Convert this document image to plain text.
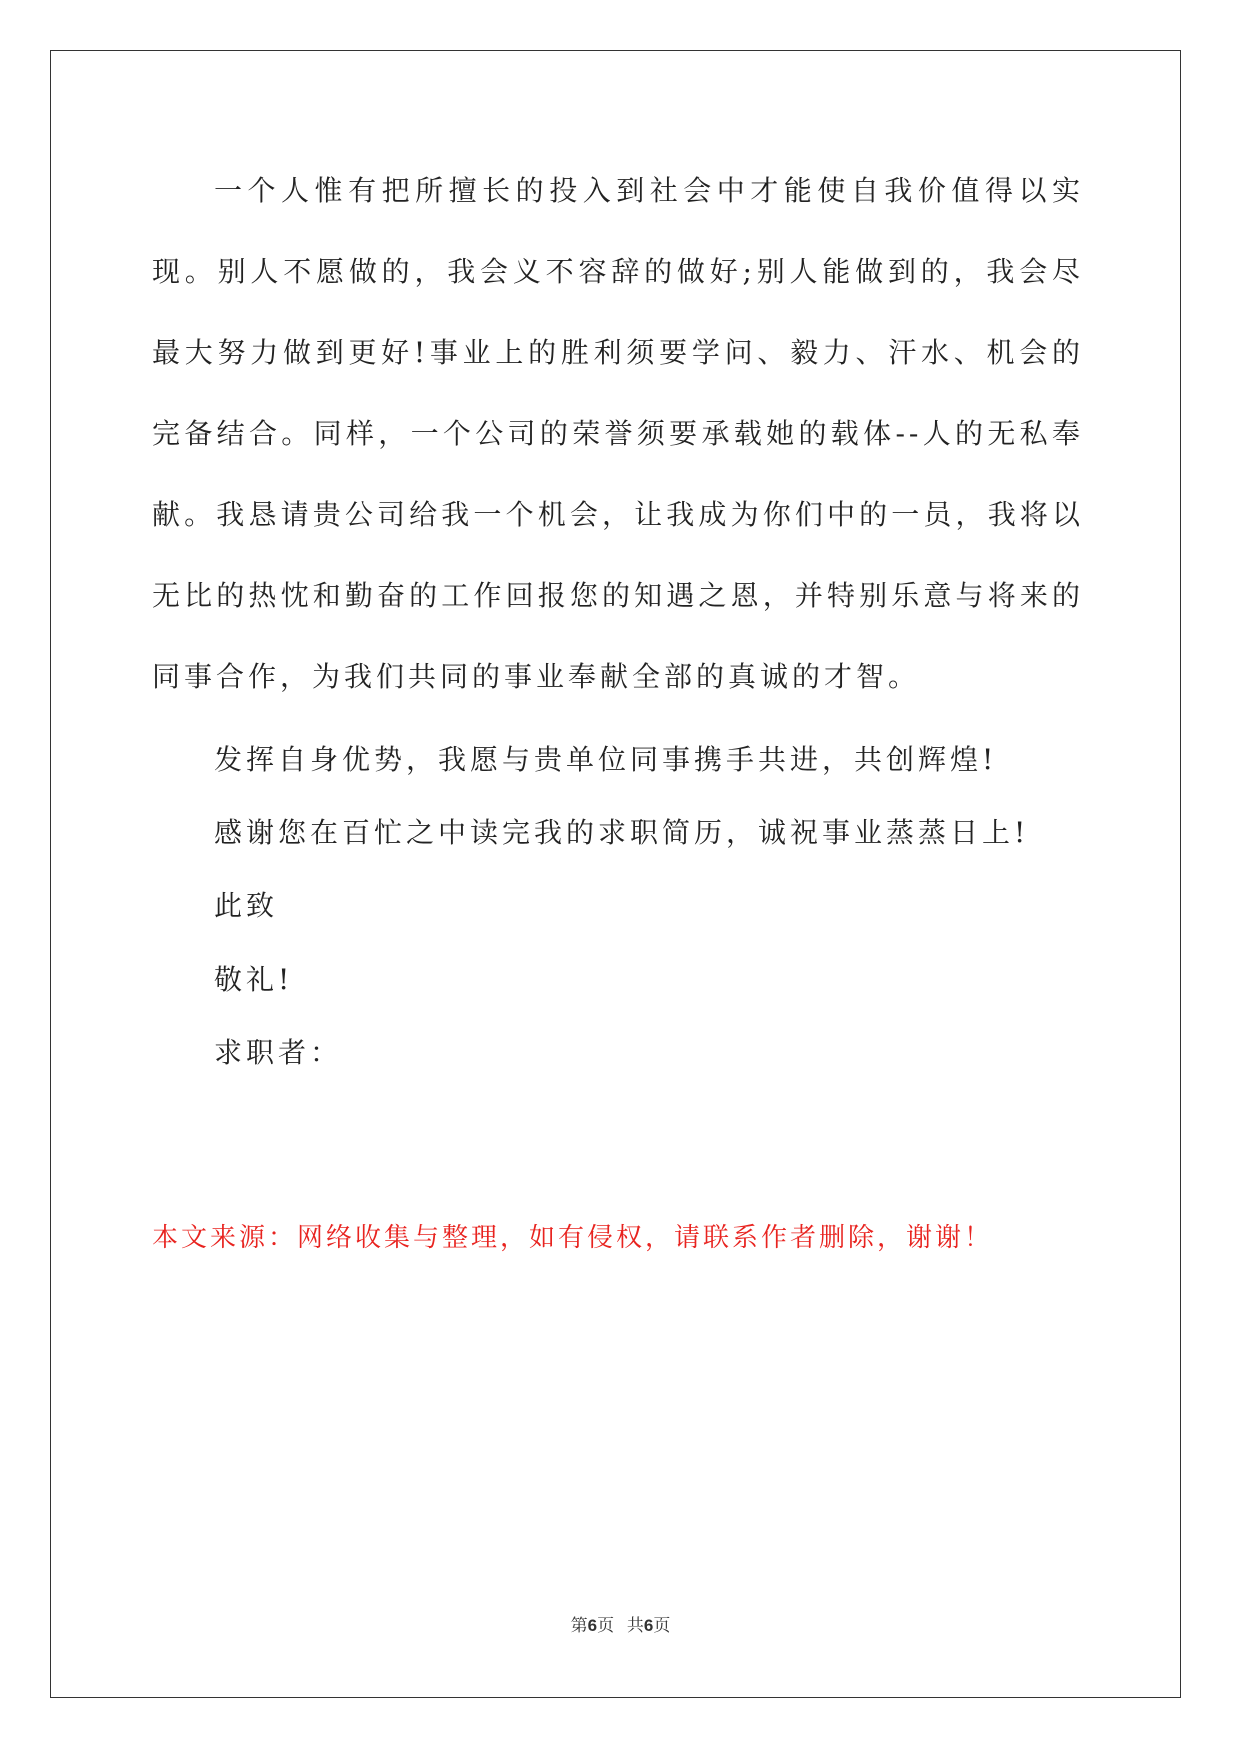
一个人惟有把所擅长的投入到社会中才能使自我价值得以实现。别人不愿做的，我会义不容辞的做好;别人能做到的，我会尽最大努力做到更好!事业上的胜利须要学问、毅力、汗水、机会的完备结合。同样，一个公司的荣誉须要承载她的载体--人的无私奉献。我恳请贵公司给我一个机会，让我成为你们中的一员，我将以无比的热忱和勤奋的工作回报您的知遇之恩，并特别乐意与将来的同事合作，为我们共同的事业奉献全部的真诚的才智。

发挥自身优势，我愿与贵单位同事携手共进，共创辉煌!

感谢您在百忙之中读完我的求职简历，诚祝事业蒸蒸日上!

此致

敬礼!

求职者：

本文来源：网络收集与整理，如有侵权，请联系作者删除，谢谢！
第6页 共6页
